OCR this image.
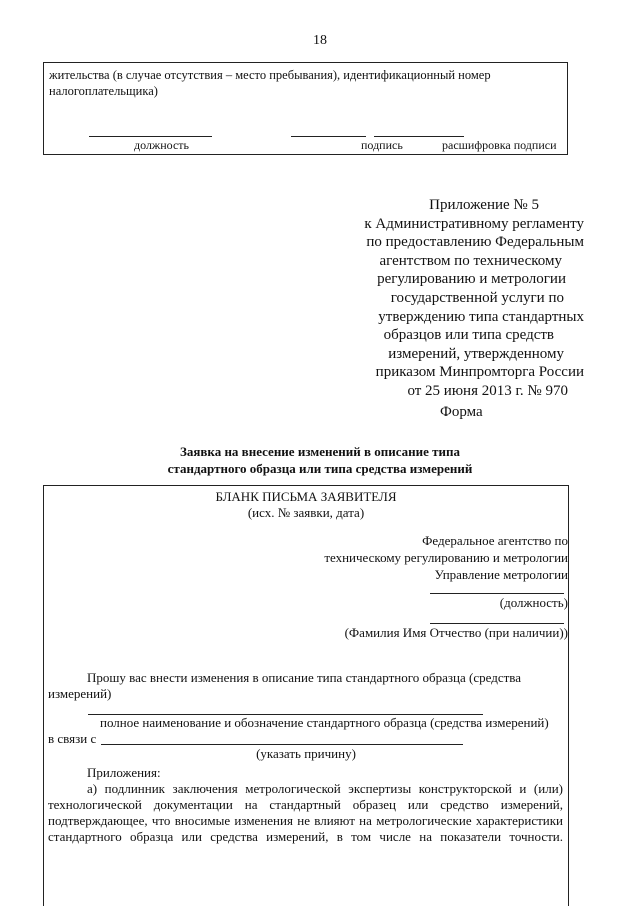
18
жительства (в случае отсутствия – место пребывания), идентификационный номер
налогоплательщика)
должность	подпись	расшифровка подписи
Приложение № 5
к Административному регламенту
по предоставлению Федеральным
агентством по техническому
регулированию и метрологии
государственной услуги по
утверждению типа стандартных
образцов или типа средств
измерений, утвержденному
приказом Минпромторга России
от 25 июня 2013 г. № 970
Форма
Заявка на внесение изменений в описание типа
стандартного образца или типа средства измерений
БЛАНК ПИСЬМА ЗАЯВИТЕЛЯ
(исх. № заявки, дата)
Федеральное агентство по
техническому регулированию и метрологии
Управление метрологии
(должность)
(Фамилия Имя Отчество (при наличии))
Прошу вас внести изменения в описание типа стандартного образца (средства
измерений)
полное наименование и обозначение стандартного образца (средства измерений)
в связи с
(указать причину)
Приложения:
а) подлинник заключения метрологической экспертизы конструкторской и (или)
технологической документации на стандартный образец или средство измерений,
подтверждающее, что вносимые изменения не влияют на метрологические характеристики
стандартного образца или средства измерений, в том числе на показатели точности.
